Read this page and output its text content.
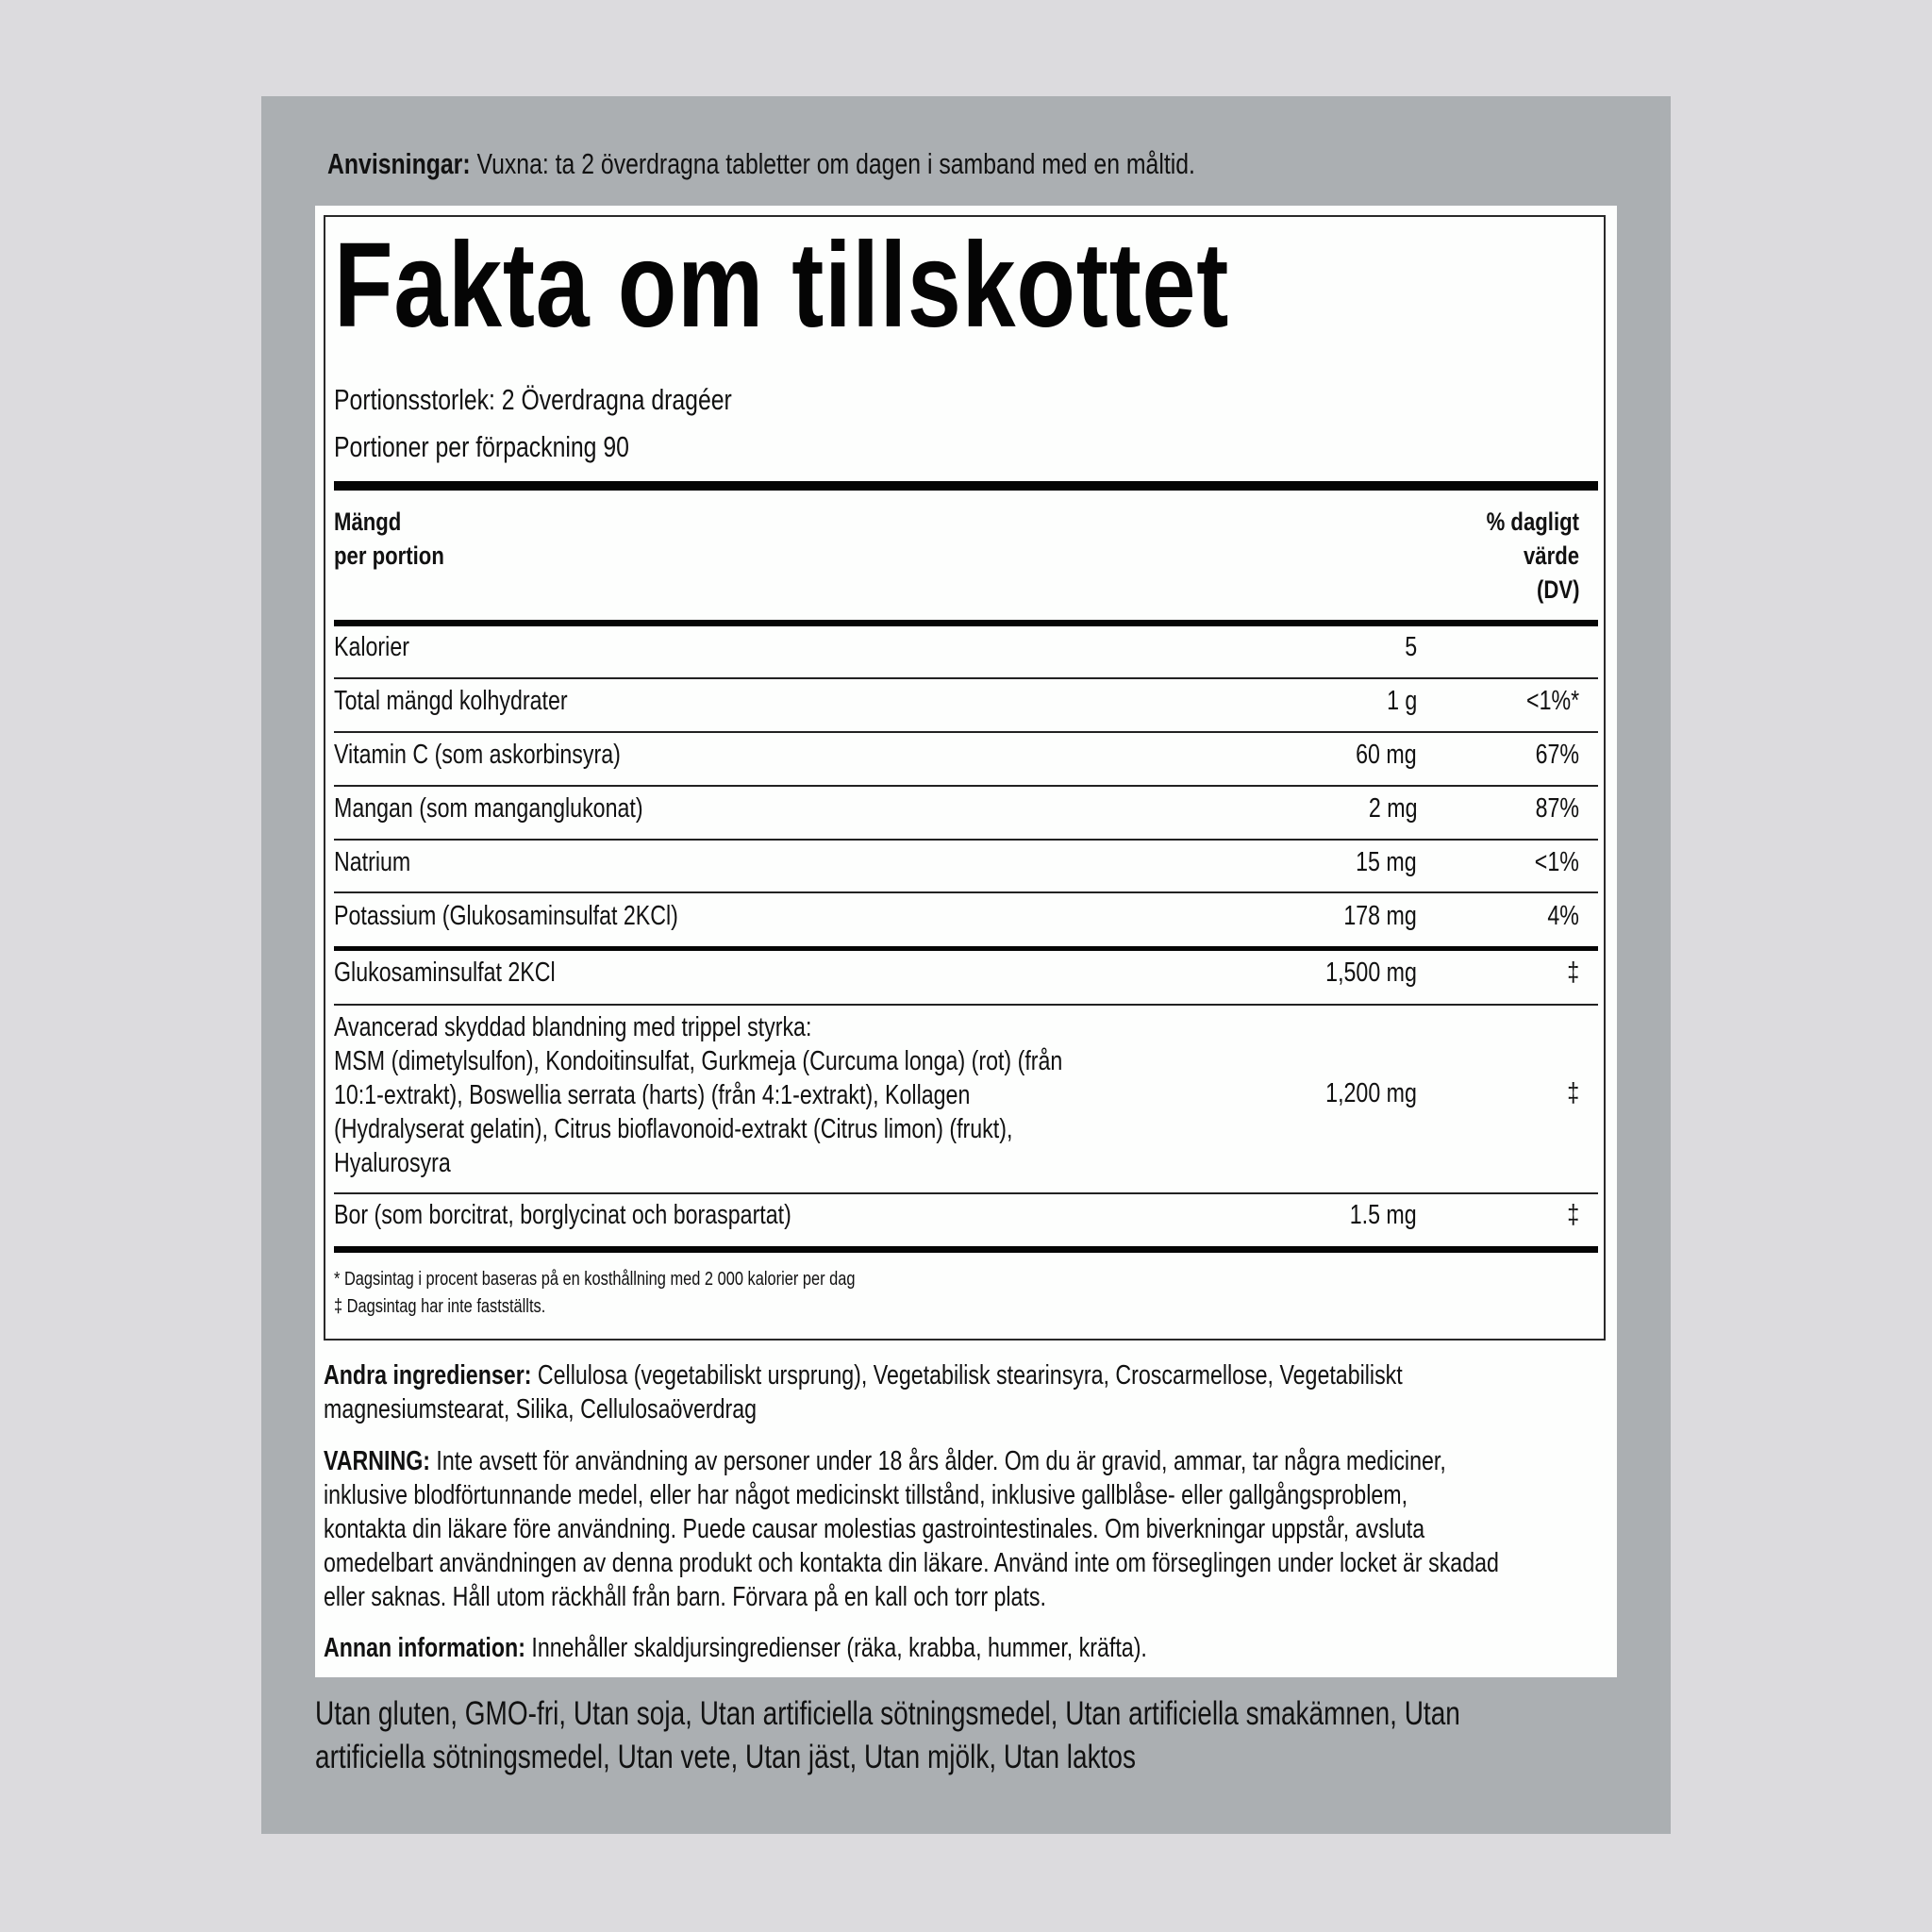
Anvisningar: Vuxna: ta 2 överdragna tabletter om dagen i samband med en måltid.
Fakta om tillskottet
Portionsstorlek: 2 Överdragna dragéer
Portioner per förpackning 90
Mängd
per portion
% dagligt
värde
(DV)
Kalorier	5
Total mängd kolhydrater	1 g	<1%*
Vitamin C (som askorbinsyra)	60 mg	67%
Mangan (som manganglukonat)	2 mg	87%
Natrium	15 mg	<1%
Potassium (Glukosaminsulfat 2KCl)	178 mg	4%
Glukosaminsulfat 2KCl	1,500 mg	‡
Avancerad skyddad blandning med trippel styrka:
MSM (dimetylsulfon), Kondoitinsulfat, Gurkmeja (Curcuma longa) (rot) (från
10:1-extrakt), Boswellia serrata (harts) (från 4:1-extrakt), Kollagen
(Hydralyserat gelatin), Citrus bioflavonoid-extrakt (Citrus limon) (frukt),
Hyalurosyra
1,200 mg	‡
Bor (som borcitrat, borglycinat och boraspartat)	1.5 mg	‡
* Dagsintag i procent baseras på en kosthållning med 2 000 kalorier per dag
‡ Dagsintag har inte fastställts.
Andra ingredienser: Cellulosa (vegetabiliskt ursprung), Vegetabilisk stearinsyra, Croscarmellose, Vegetabiliskt
magnesiumstearat, Silika, Cellulosaöverdrag
VARNING: Inte avsett för användning av personer under 18 års ålder. Om du är gravid, ammar, tar några mediciner,
inklusive blodförtunnande medel, eller har något medicinskt tillstånd, inklusive gallblåse- eller gallgångsproblem,
kontakta din läkare före användning. Puede causar molestias gastrointestinales. Om biverkningar uppstår, avsluta
omedelbart användningen av denna produkt och kontakta din läkare. Använd inte om förseglingen under locket är skadad
eller saknas. Håll utom räckhåll från barn. Förvara på en kall och torr plats.
Annan information: Innehåller skaldjursingredienser (räka, krabba, hummer, kräfta).
Utan gluten, GMO-fri, Utan soja, Utan artificiella sötningsmedel, Utan artificiella smakämnen, Utan
artificiella sötningsmedel, Utan vete, Utan jäst, Utan mjölk, Utan laktos
